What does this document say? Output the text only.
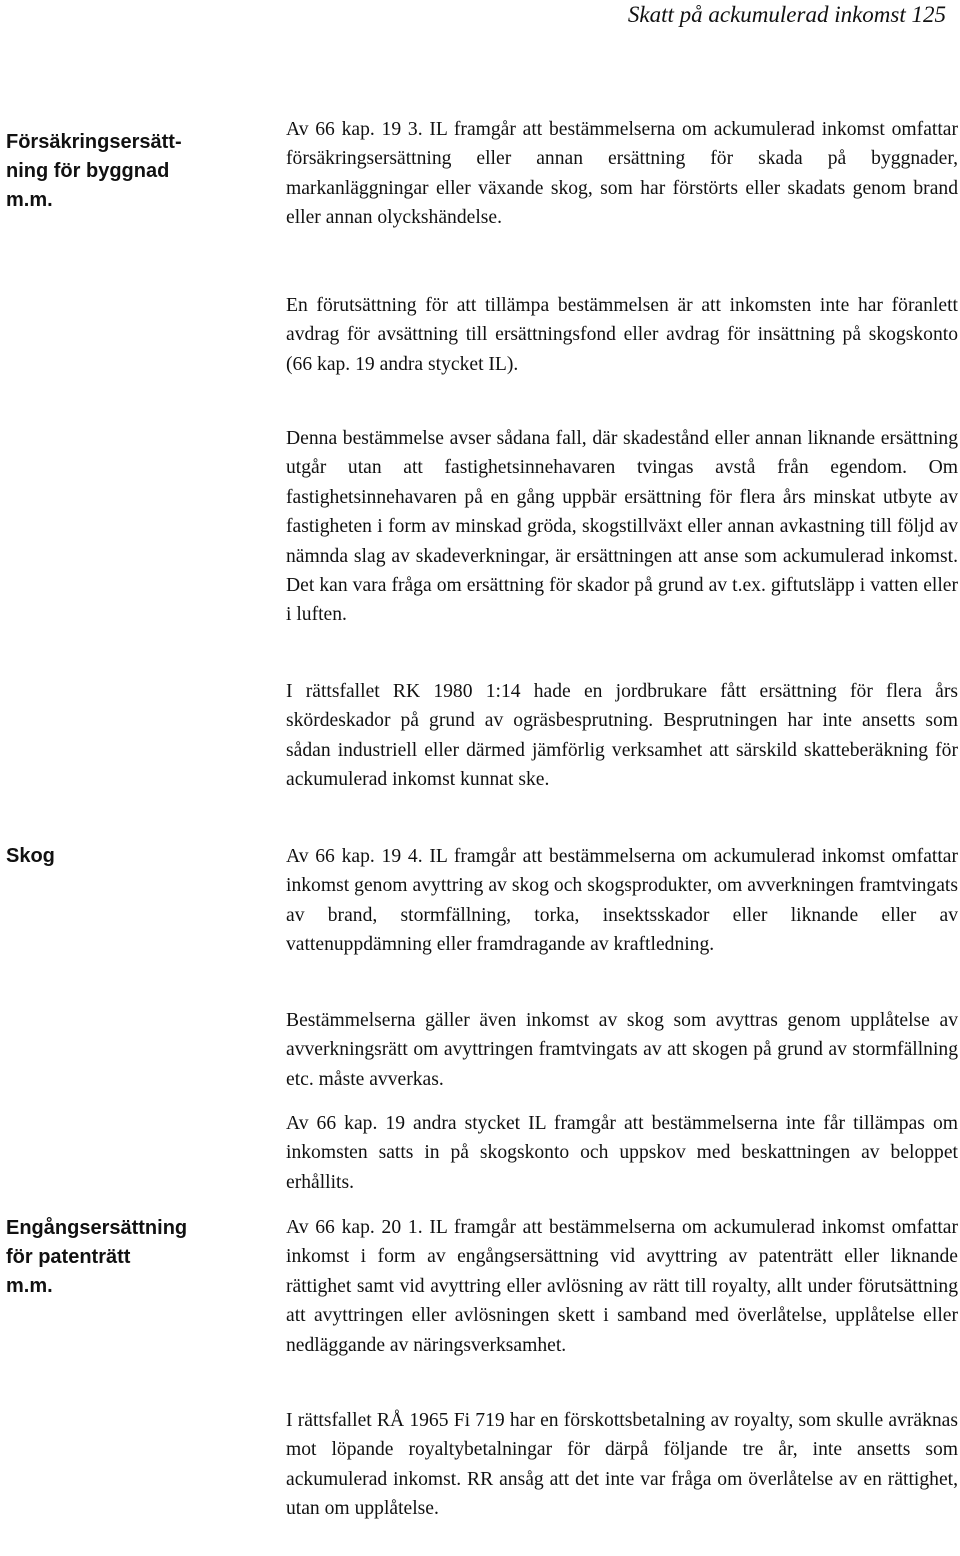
Skatt på ackumulerad inkomst 125
Försäkringsersätt-
ning för byggnad
m.m.
Skog
Engångsersättning
för patenträtt
m.m.

Av 66 kap. 19 3. IL framgår att bestämmelserna om ackumulerad inkomst omfattar försäkringsersättning eller annan ersättning för skada på byggnader, markanläggningar eller växande skog, som har förstörts eller skadats genom brand eller annan olyckshändelse.

En förutsättning för att tillämpa bestämmelsen är att inkomsten inte har föranlett avdrag för avsättning till ersättningsfond eller avdrag för insättning på skogskonto (66 kap. 19 andra stycket IL).

Denna bestämmelse avser sådana fall, där skadestånd eller annan liknande ersättning utgår utan att fastighetsinnehavaren tvingas avstå från egendom. Om fastighetsinnehavaren på en gång uppbär ersättning för flera års minskat utbyte av fastigheten i form av minskad gröda, skogstillväxt eller annan avkastning till följd av nämnda slag av skadeverkningar, är ersättningen att anse som ackumulerad inkomst. Det kan vara fråga om ersättning för skador på grund av t.ex. giftutsläpp i vatten eller i luften.

I rättsfallet RK 1980 1:14 hade en jordbrukare fått ersättning för flera års skördeskador på grund av ogräsbesprutning. Besprutningen har inte ansetts som sådan industriell eller därmed jämförlig verksamhet att särskild skatteberäkning för ackumulerad inkomst kunnat ske.

Av 66 kap. 19 4. IL framgår att bestämmelserna om ackumulerad inkomst omfattar inkomst genom avyttring av skog och skogsprodukter, om avverkningen framtvingats av brand, stormfällning, torka, insektsskador eller liknande eller av vattenuppdämning eller framdragande av kraftledning.

Bestämmelserna gäller även inkomst av skog som avyttras genom upplåtelse av avverkningsrätt om avyttringen framtvingats av att skogen på grund av stormfällning etc. måste avverkas.

Av 66 kap. 19 andra stycket IL framgår att bestämmelserna inte får tillämpas om inkomsten satts in på skogskonto och uppskov med beskattningen av beloppet erhållits.

Av 66 kap. 20 1. IL framgår att bestämmelserna om ackumulerad inkomst omfattar inkomst i form av engångsersättning vid avyttring av patenträtt eller liknande rättighet samt vid avyttring eller avlösning av rätt till royalty, allt under förutsättning att avyttringen eller avlösningen skett i samband med överlåtelse, upplåtelse eller nedläggande av näringsverksamhet.

I rättsfallet RÅ 1965 Fi 719 har en förskottsbetalning av royalty, som skulle avräknas mot löpande royaltybetalningar för därpå följande tre år, inte ansetts som ackumulerad inkomst. RR ansåg att det inte var fråga om överlåtelse av en rättighet, utan om upplåtelse.
